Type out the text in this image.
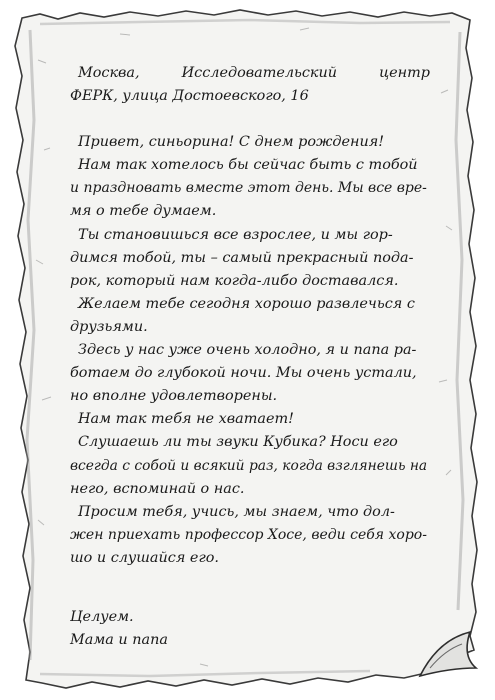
Москва, Исследовательский центр
ФЕРК, улица Достоевского, 16
Привет, синьорина! С днем рождения!
Нам так хотелось бы сейчас быть с тобой
и праздновать вместе этот день. Мы все вре-
мя о тебе думаем.
Ты становишься все взрослее, и мы гор-
димся тобой, ты – самый прекрасный пода-
рок, который нам когда-либо доставался.
Желаем тебе сегодня хорошо развлечься с
друзьями.
Здесь у нас уже очень холодно, я и папа ра-
ботаем до глубокой ночи. Мы очень устали,
но вполне удовлетворены.
Нам так тебя не хватает!
Слушаешь ли ты звуки Кубика? Носи его
всегда с собой и всякий раз, когда взглянешь на
него, вспоминай о нас.
Просим тебя, учись, мы знаем, что дол-
жен приехать профессор Хосе, веди себя хоро-
шо и слушайся его.
Целуем.
Мама и папа
